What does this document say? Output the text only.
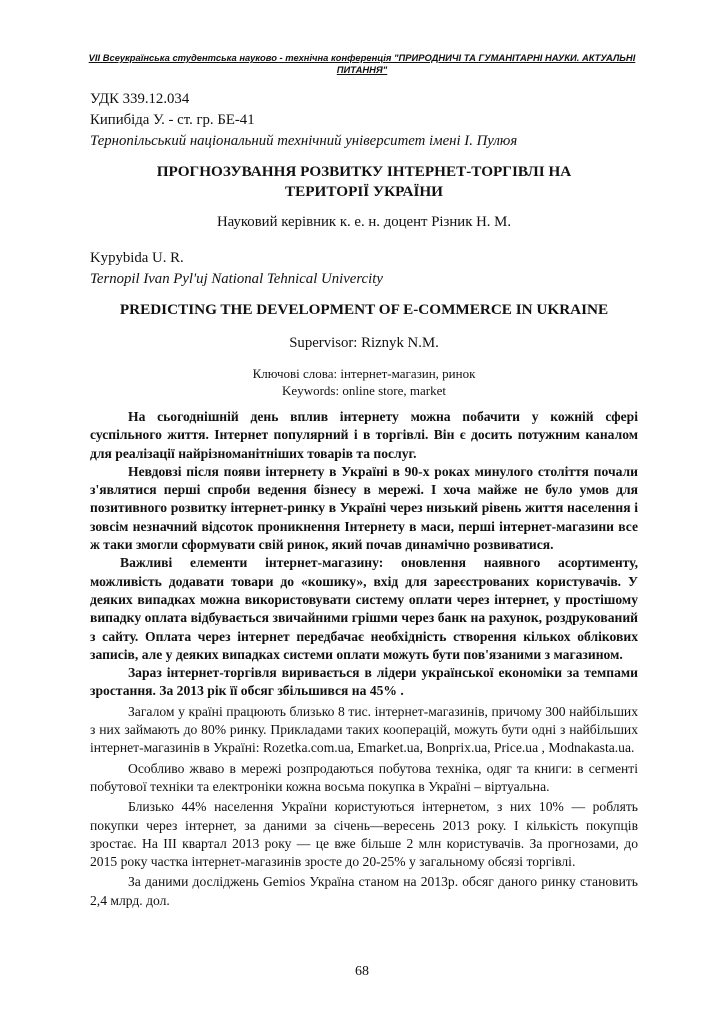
VII Всеукраїнська студентська науково - технічна конференція "ПРИРОДНИЧІ ТА ГУМАНІТАРНІ НАУКИ. АКТУАЛЬНІ ПИТАННЯ"
УДК 339.12.034
Кипибіда У. - ст. гр. БЕ-41
Тернопільський національний технічний університет імені І. Пулюя
ПРОГНОЗУВАННЯ РОЗВИТКУ ІНТЕРНЕТ-ТОРГІВЛІ НА
ТЕРИТОРІЇ УКРАЇНИ
Науковий керівник к. е. н. доцент Різник Н. М.
Kypybida U. R.
Ternopil Ivan Pyl'uj National Tehnical Univercity
PREDICTING THE DEVELOPMENT OF E-COMMERCE IN UKRAINE
Supervisor: Riznyk N.M.
Ключові слова: інтернет-магазин, ринок
Keywords: online store, market

На сьогоднішній день вплив інтернету можна побачити у кожній сфері суспільного життя. Інтернет популярний і в торгівлі. Він є досить потужним каналом для реалізації найрізноманітніших товарів та послуг.

Невдовзі після появи інтернету в Україні в 90-х роках минулого століття почали з'являтися перші спроби ведення бізнесу в мережі. І хоча майже не було умов для позитивного розвитку інтернет-ринку в Україні через низький рівень життя населення і зовсім незначний відсоток проникнення Інтернету в маси, перші інтернет-магазини все ж таки змогли сформувати свій ринок, який почав динамічно розвиватися.

Важливі елементи інтернет-магазину: оновлення наявного асортименту, можливість додавати товари до «кошику», вхід для зареєстрованих користувачів. У деяких випадках можна використовувати систему оплати через інтернет, у простішому випадку оплата відбувається звичайними грішми через банк на рахунок, роздрукований з сайту. Оплата через інтернет передбачає необхідність створення кількох облікових записів, але у деяких випадках системи оплати можуть бути пов'язаними з магазином.

Зараз інтернет-торгівля виривається в лідери української економіки за темпами зростання. За 2013 рік її обсяг збільшився на 45% .

Загалом у країні працюють близько 8 тис. інтернет-магазинів, причому 300 найбільших з них займають до 80% ринку. Прикладами таких кооперацій, можуть бути одні з найбільших інтернет-магазинів в Україні: Rozetka.com.ua, Emarket.ua, Bonprix.ua, Price.ua , Modnakasta.ua.

Особливо жваво в мережі розпродаються побутова техніка, одяг та книги: в сегменті побутової техніки та електроніки кожна восьма покупка в Україні – віртуальна.

Близько 44% населення України користуються інтернетом, з них 10% — роблять покупки через інтернет, за даними за січень—вересень 2013 року. І кількість покупців зростає. На ІІІ квартал 2013 року — це вже більше 2 млн користувачів. За прогнозами, до 2015 року частка інтернет-магазинів зросте до 20-25% у загальному обсязі торгівлі.

За даними досліджень Gemios Україна станом на 2013р. обсяг даного ринку становить 2,4 млрд. дол.

68
